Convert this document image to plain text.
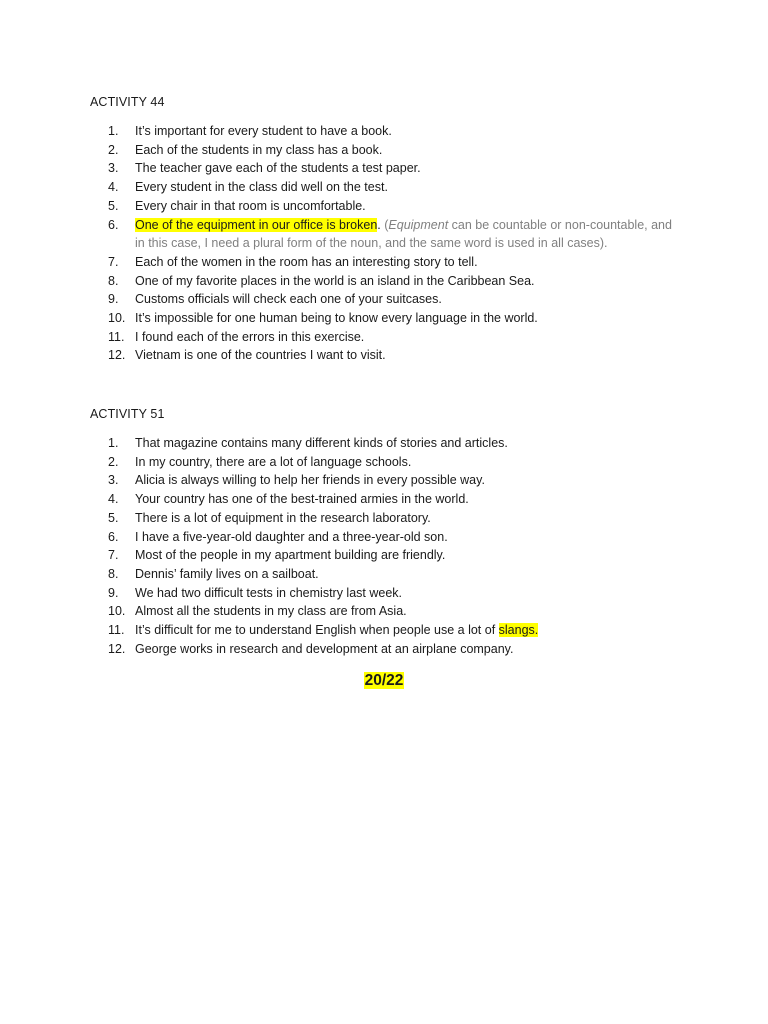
ACTIVITY 44
1.	It’s important for every student to have a book.
2.	Each of the students in my class has a book.
3.	The teacher gave each of the students a test paper.
4.	Every student in the class did well on the test.
5.	Every chair in that room is uncomfortable.
6.	One of the equipment in our office is broken. (Equipment can be countable or non-countable, and in this case, I need a plural form of the noun, and the same word is used in all cases).
7.	Each of the women in the room has an interesting story to tell.
8.	One of my favorite places in the world is an island in the Caribbean Sea.
9.	Customs officials will check each one of your suitcases.
10. It’s impossible for one human being to know every language in the world.
11. I found each of the errors in this exercise.
12. Vietnam is one of the countries I want to visit.
ACTIVITY 51
1.	That magazine contains many different kinds of stories and articles.
2.	In my country, there are a lot of language schools.
3.	Alicia is always willing to help her friends in every possible way.
4.	Your country has one of the best-trained armies in the world.
5.	There is a lot of equipment in the research laboratory.
6.	I have a five-year-old daughter and a three-year-old son.
7.	Most of the people in my apartment building are friendly.
8.	Dennis’ family lives on a sailboat.
9.	We had two difficult tests in chemistry last week.
10. Almost all the students in my class are from Asia.
11. It’s difficult for me to understand English when people use a lot of slangs.
12. George works in research and development at an airplane company.
20/22
